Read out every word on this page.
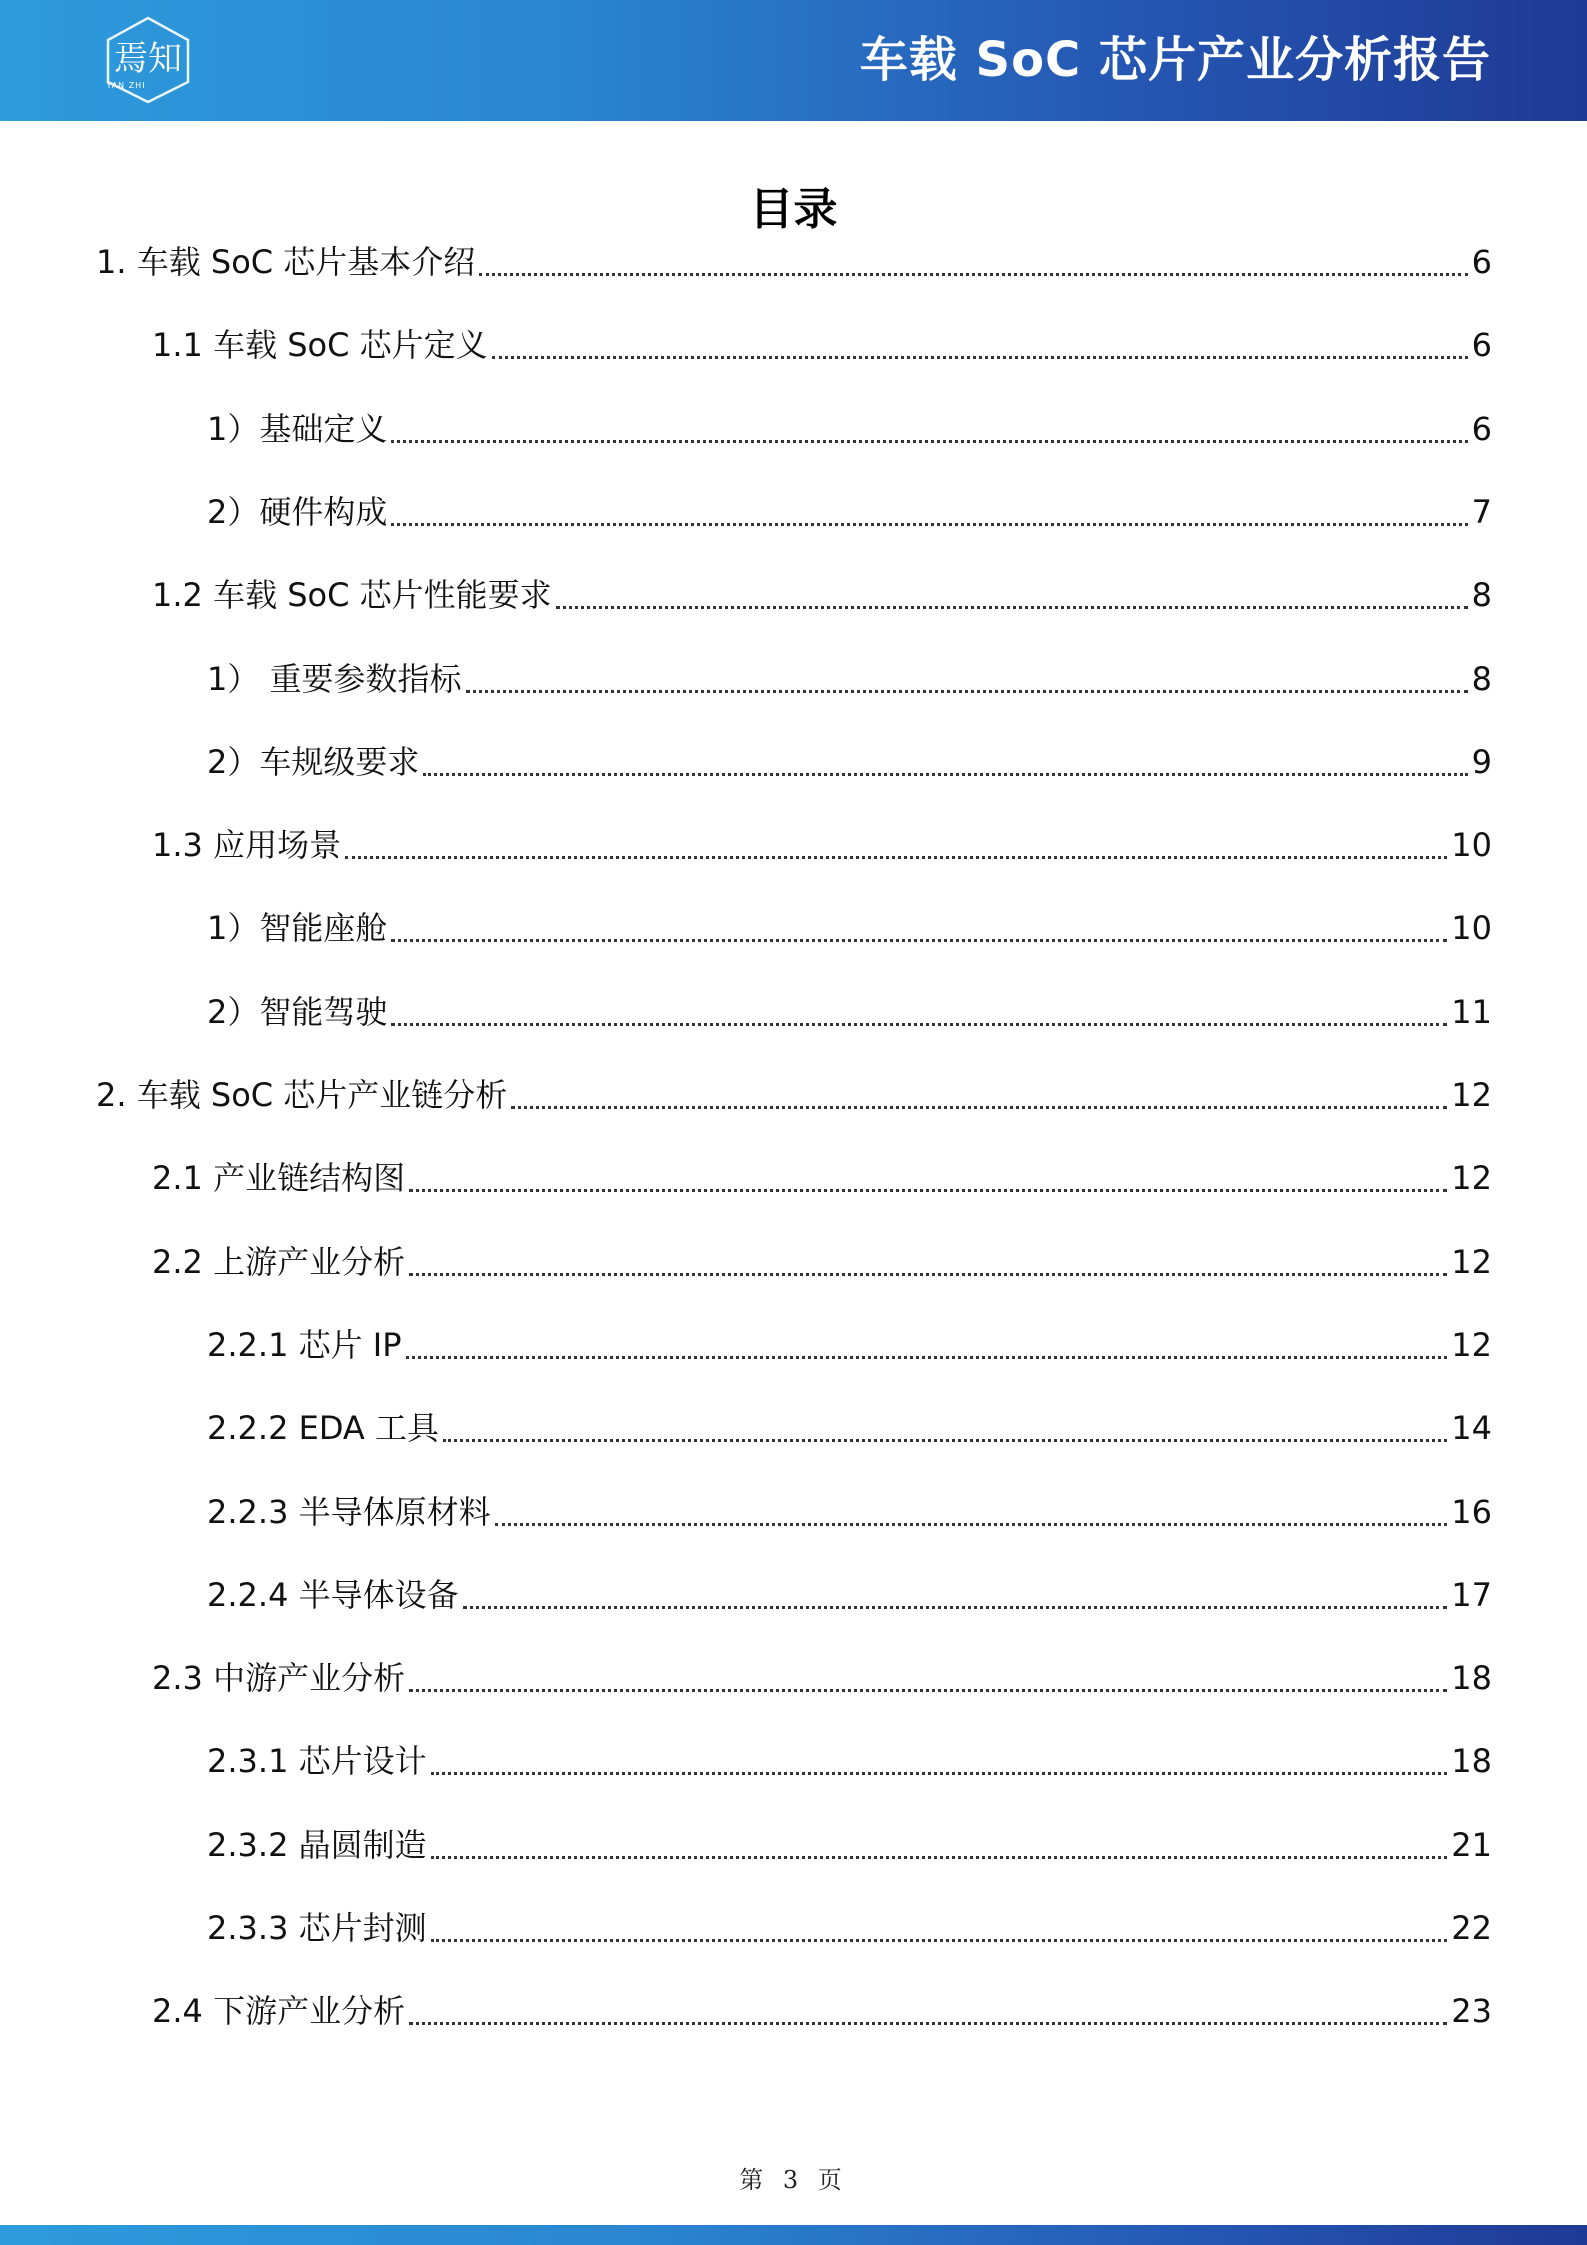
焉知
YAN ZHI	车载 SoC 芯片产业分析报告
目录
1. 车载 SoC 芯片基本介绍	6
1.1 车载 SoC 芯片定义	6
1）基础定义	6
2）硬件构成	7
1.2 车载 SoC 芯片性能要求	8
1） 重要参数指标	8
2）车规级要求	9
1.3 应用场景	10
1）智能座舱	10
2）智能驾驶	11
2. 车载 SoC 芯片产业链分析	12
2.1 产业链结构图	12
2.2 上游产业分析	12
2.2.1 芯片 IP	12
2.2.2 EDA 工具	14
2.2.3 半导体原材料	16
2.2.4 半导体设备	17
2.3 中游产业分析	18
2.3.1 芯片设计	18
2.3.2 晶圆制造	21
2.3.3 芯片封测	22
2.4 下游产业分析	23
第 3 页
